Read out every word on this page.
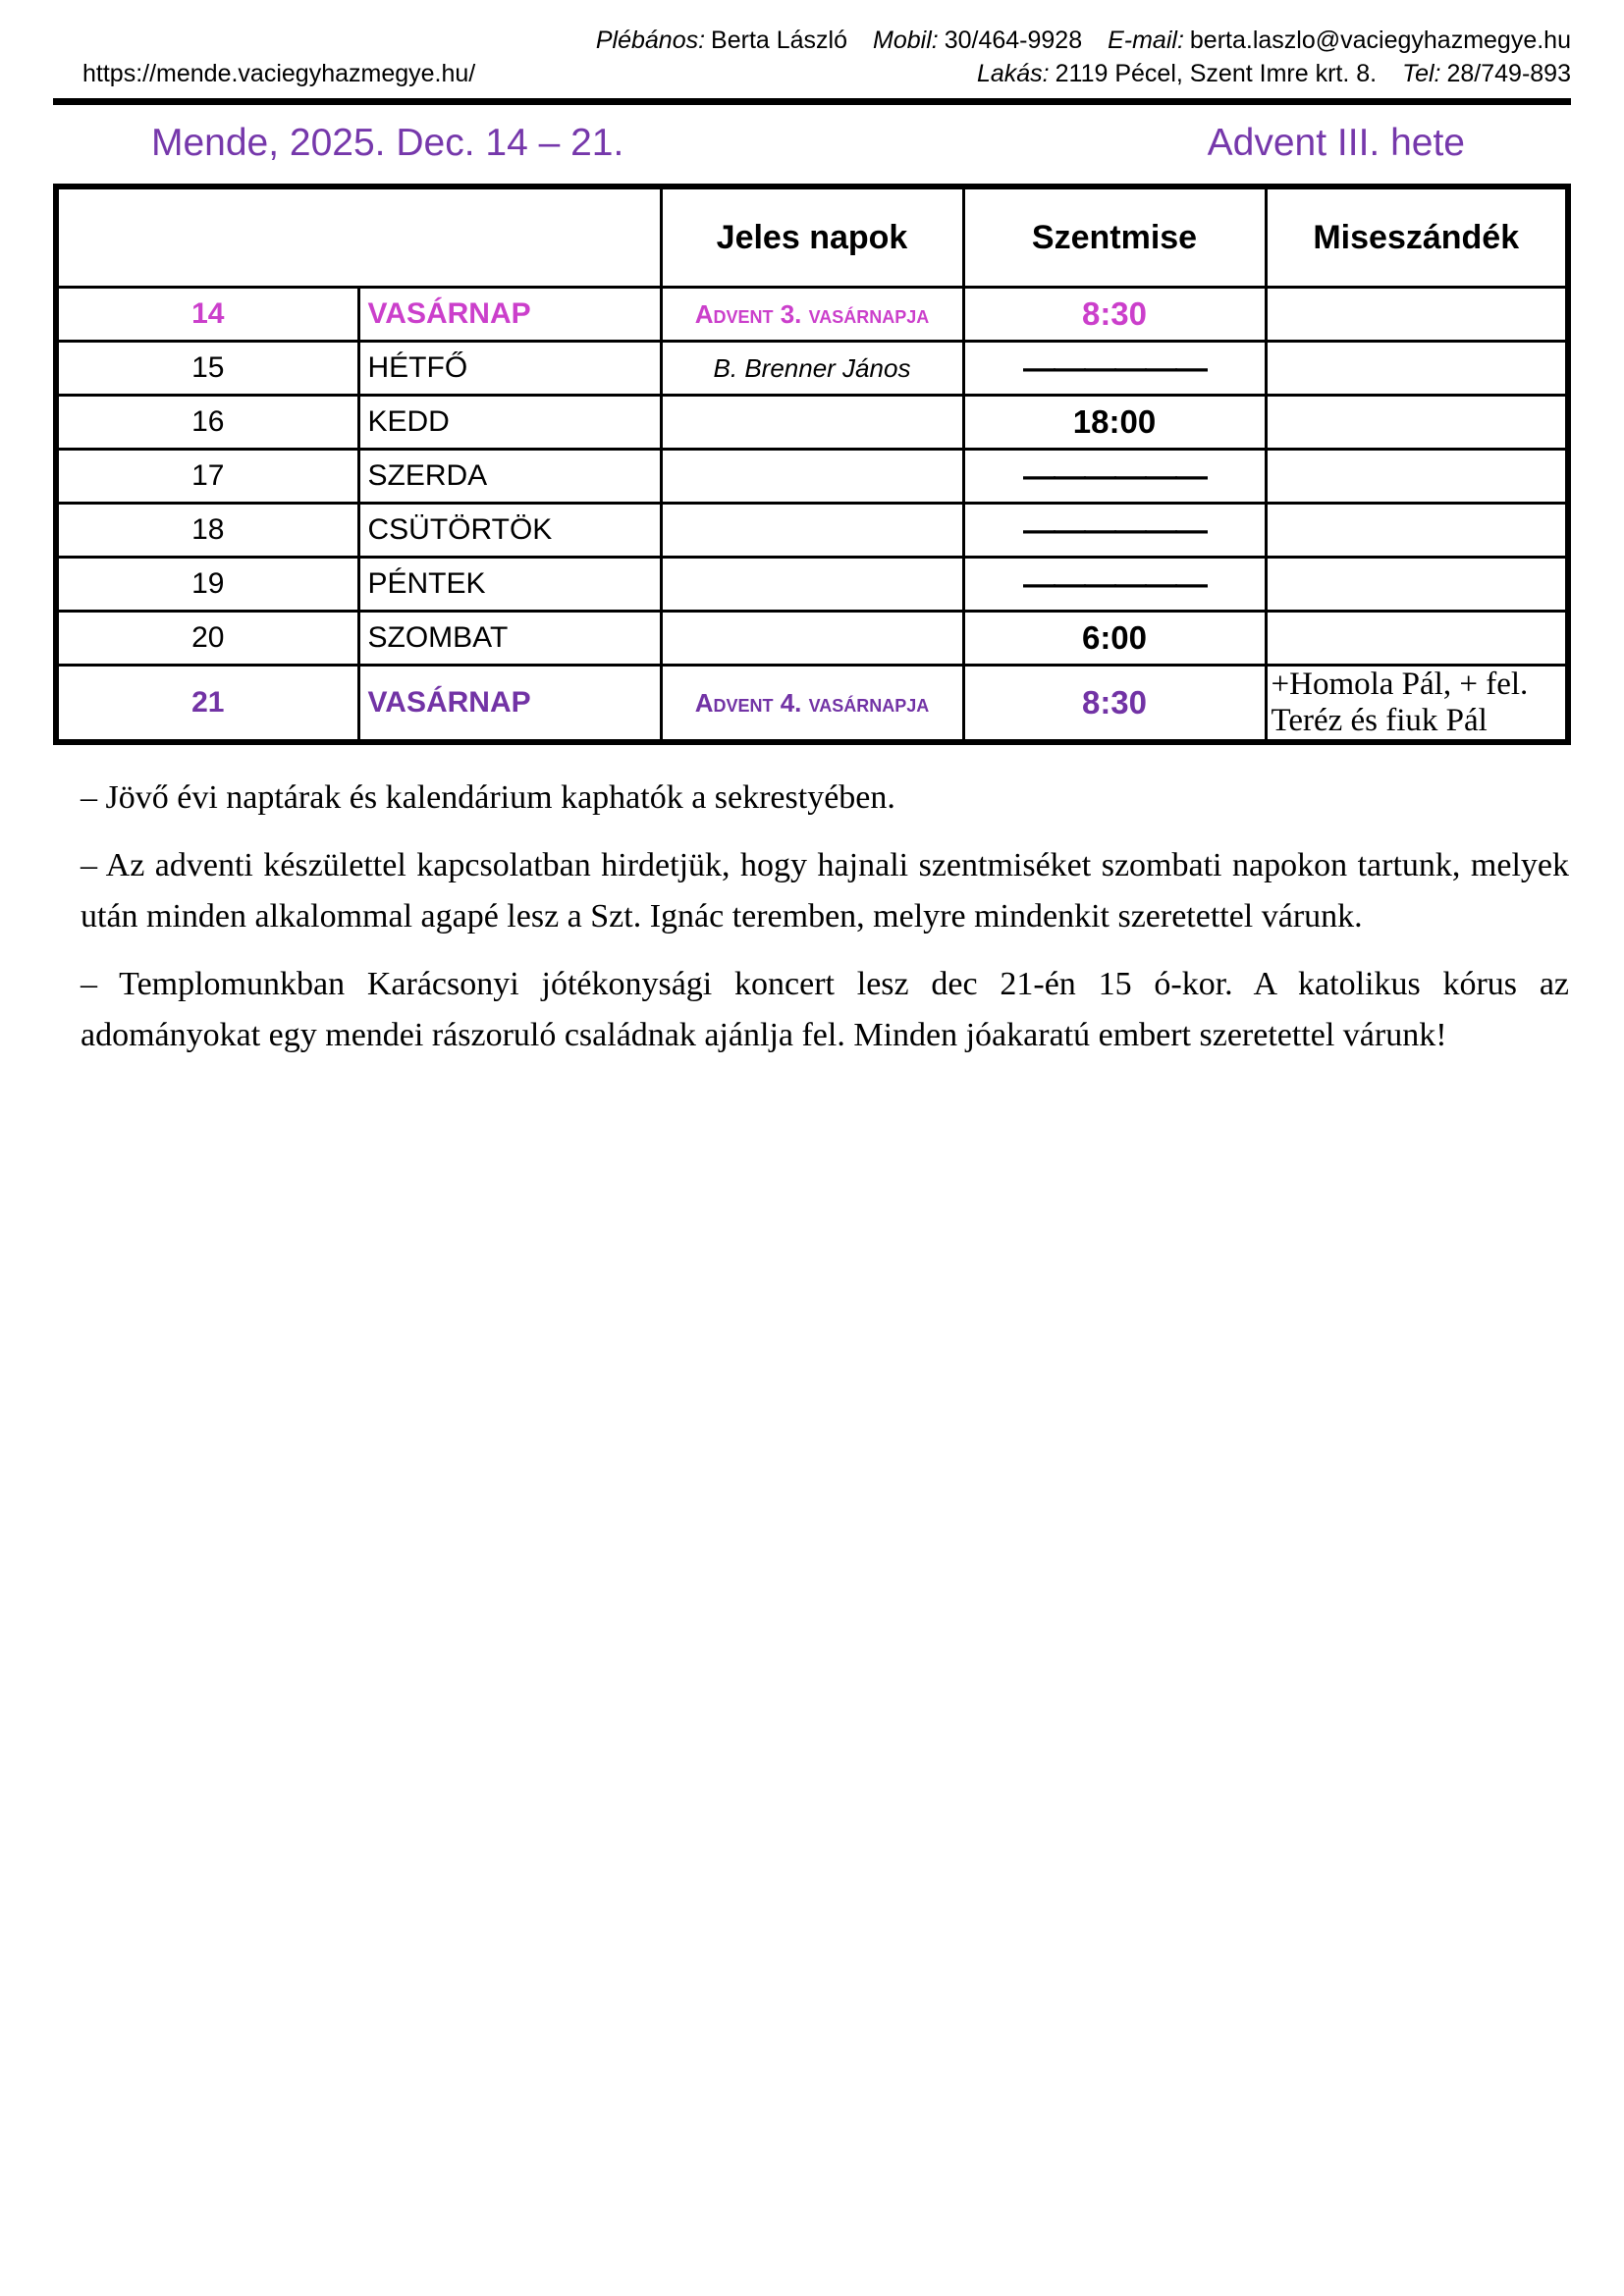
Plébános: Berta László Mobil: 30/464-9928 E-mail: berta.laszlo@vaciegyhazmegye.hu
https://mende.vaciegyhazmegye.hu/	Lakás: 2119 Pécel, Szent Imre krt. 8. Tel: 28/749-893
Mende, 2025. Dec. 14 – 21.	Advent III. hete
		Jeles napok	Szentmise	Miseszándék
14	VASÁRNAP	Advent 3. vasárnapja	8:30	
15	HÉTFŐ	B. Brenner János	——————	
16	KEDD		18:00	
17	SZERDA		——————	
18	CSÜTÖRTÖK		——————	
19	PÉNTEK		——————	
20	SZOMBAT		6:00	
21	VASÁRNAP	Advent 4. vasárnapja	8:30	+Homola Pál, + fel. Teréz és fiuk Pál

– Jövő évi naptárak és kalendárium kaphatók a sekrestyében.

– Az adventi készülettel kapcsolatban hirdetjük, hogy hajnali szentmiséket szombati napokon tartunk, melyek után minden alkalommal agapé lesz a Szt. Ignác teremben, melyre mindenkit szeretettel várunk.

– Templomunkban Karácsonyi jótékonysági koncert lesz dec 21-én 15 ó-kor. A katolikus kórus az adományokat egy mendei rászoruló családnak ajánlja fel. Minden jóakaratú embert szeretettel várunk!
